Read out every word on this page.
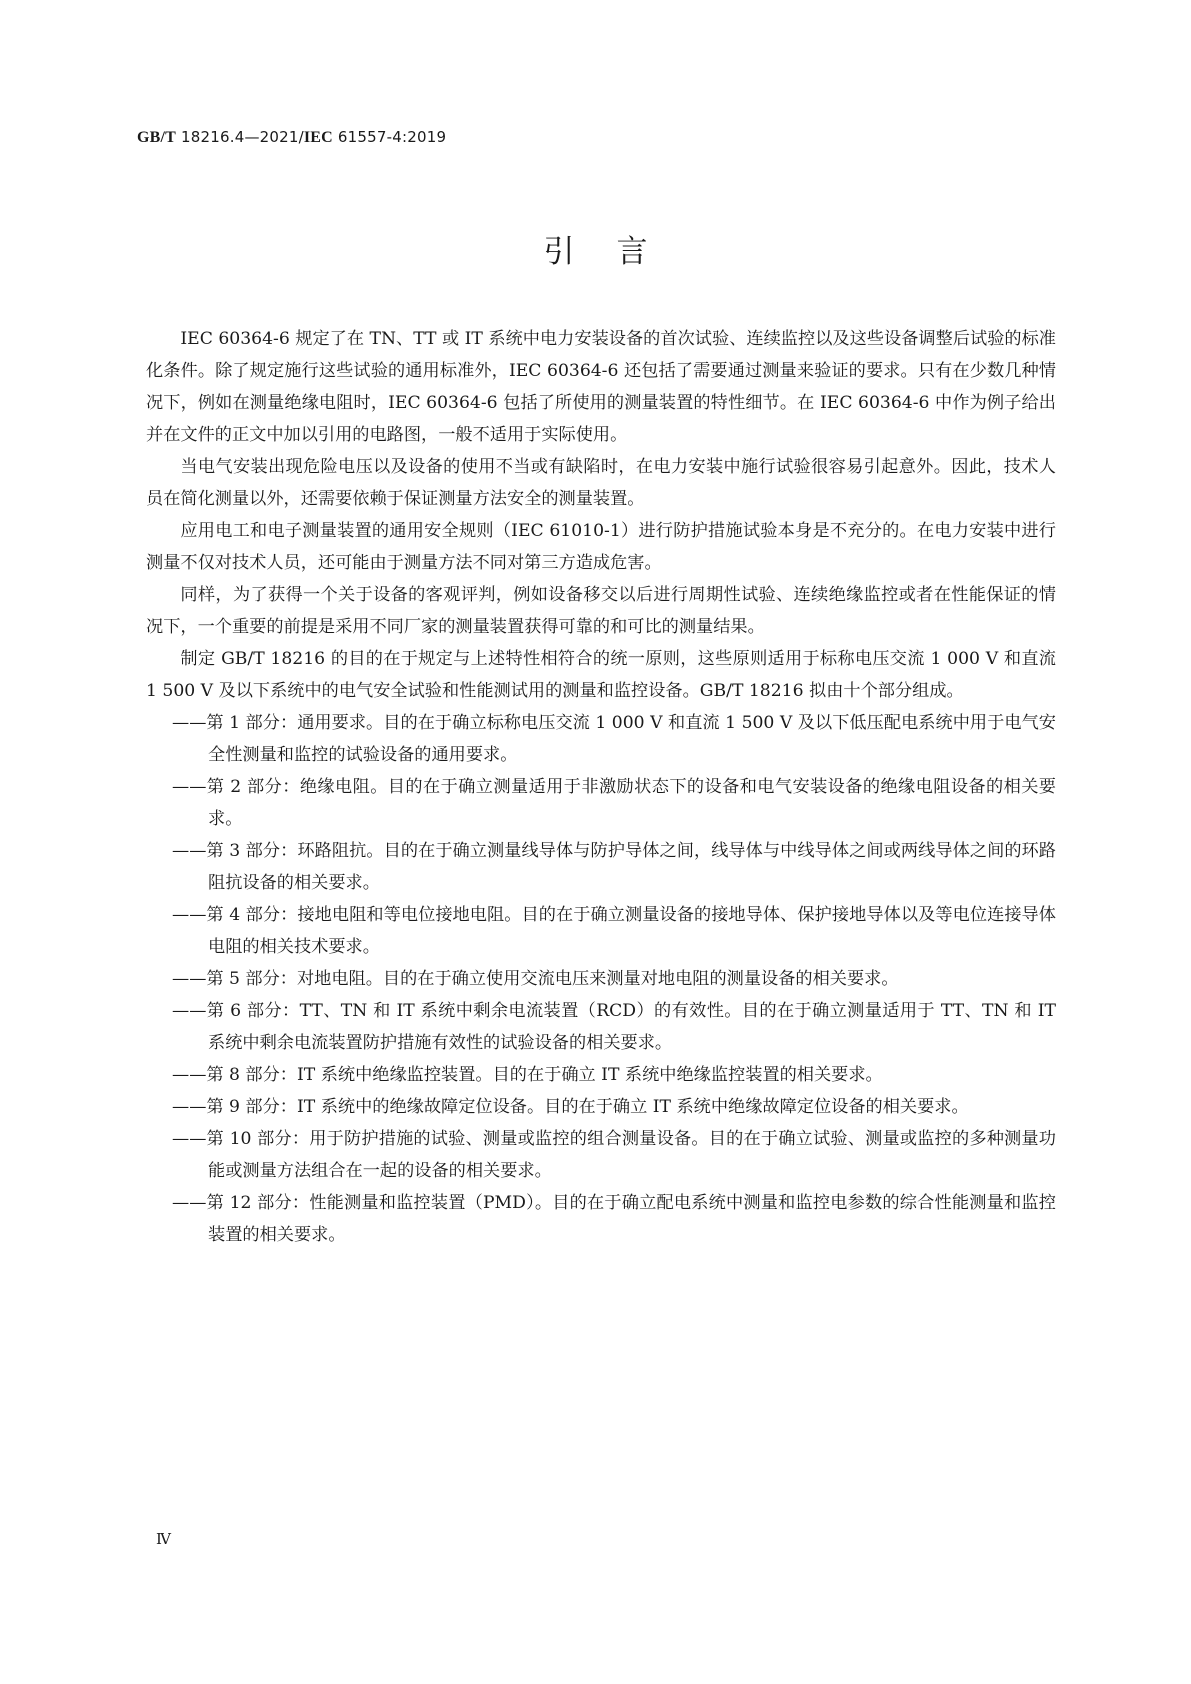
GB/T 18216.4—2021/IEC 61557-4:2019
引言

IEC 60364-6 规定了在 TN、TT 或 IT 系统中电力安装设备的首次试验、连续监控以及这些设备调整后试验的标准化条件。除了规定施行这些试验的通用标准外，IEC 60364-6 还包括了需要通过测量来验证的要求。只有在少数几种情况下，例如在测量绝缘电阻时，IEC 60364-6 包括了所使用的测量装置的特性细节。在 IEC 60364-6 中作为例子给出并在文件的正文中加以引用的电路图，一般不适用于实际使用。

当电气安装出现危险电压以及设备的使用不当或有缺陷时，在电力安装中施行试验很容易引起意外。因此，技术人员在简化测量以外，还需要依赖于保证测量方法安全的测量装置。

应用电工和电子测量装置的通用安全规则（IEC 61010-1）进行防护措施试验本身是不充分的。在电力安装中进行测量不仅对技术人员，还可能由于测量方法不同对第三方造成危害。

同样，为了获得一个关于设备的客观评判，例如设备移交以后进行周期性试验、连续绝缘监控或者在性能保证的情况下，一个重要的前提是采用不同厂家的测量装置获得可靠的和可比的测量结果。

制定 GB/T 18216 的目的在于规定与上述特性相符合的统一原则，这些原则适用于标称电压交流 1 000 V 和直流 1 500 V 及以下系统中的电气安全试验和性能测试用的测量和监控设备。GB/T 18216 拟由十个部分组成。

——第 1 部分：通用要求。目的在于确立标称电压交流 1 000 V 和直流 1 500 V 及以下低压配电系统中用于电气安全性测量和监控的试验设备的通用要求。
——第 2 部分：绝缘电阻。目的在于确立测量适用于非激励状态下的设备和电气安装设备的绝缘电阻设备的相关要求。
——第 3 部分：环路阻抗。目的在于确立测量线导体与防护导体之间，线导体与中线导体之间或两线导体之间的环路阻抗设备的相关要求。
——第 4 部分：接地电阻和等电位接地电阻。目的在于确立测量设备的接地导体、保护接地导体以及等电位连接导体电阻的相关技术要求。
——第 5 部分：对地电阻。目的在于确立使用交流电压来测量对地电阻的测量设备的相关要求。
——第 6 部分：TT、TN 和 IT 系统中剩余电流装置（RCD）的有效性。目的在于确立测量适用于 TT、TN 和 IT 系统中剩余电流装置防护措施有效性的试验设备的相关要求。
——第 8 部分：IT 系统中绝缘监控装置。目的在于确立 IT 系统中绝缘监控装置的相关要求。
——第 9 部分：IT 系统中的绝缘故障定位设备。目的在于确立 IT 系统中绝缘故障定位设备的相关要求。
——第 10 部分：用于防护措施的试验、测量或监控的组合测量设备。目的在于确立试验、测量或监控的多种测量功能或测量方法组合在一起的设备的相关要求。
——第 12 部分：性能测量和监控装置（PMD）。目的在于确立配电系统中测量和监控电参数的综合性能测量和监控装置的相关要求。
Ⅳ
